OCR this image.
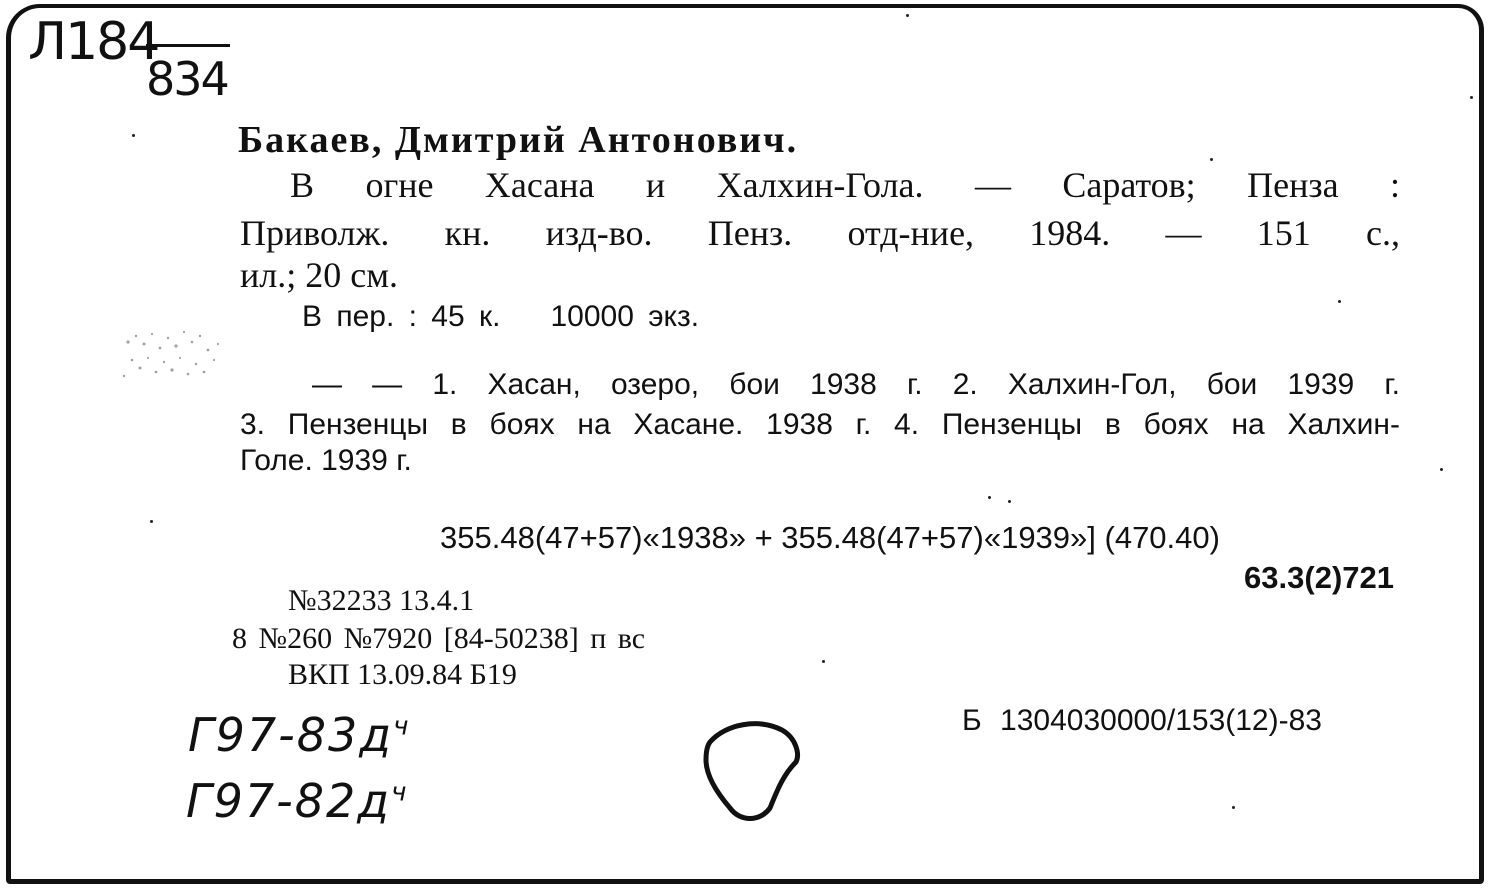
Л184
834
Бакаев, Дмитрий Антонович.
В огне Хасана и Халхин-Гола. — Саратов; Пенза :
Приволж. кн. изд-во. Пенз. отд-ние, 1984. — 151 с.,
ил.; 20 см.
В пер. : 45 к. 10000 экз.
— — 1. Хасан, озеро, бои 1938 г. 2. Халхин-Гол, бои 1939 г.
3. Пензенцы в боях на Хасане. 1938 г. 4. Пензенцы в боях на Халхин-
Голе. 1939 г.
355.48(47+57)«1938» + 355.48(47+57)«1939»] (470.40)
63.3(2)721
№32233 13.4.1
8 №260 №7920 [84-50238] п вс
ВКП 13.09.84 Б19
Б 1304030000/153(12)-83
$Г97-83д^ч$
$Г97-82д^ч$
